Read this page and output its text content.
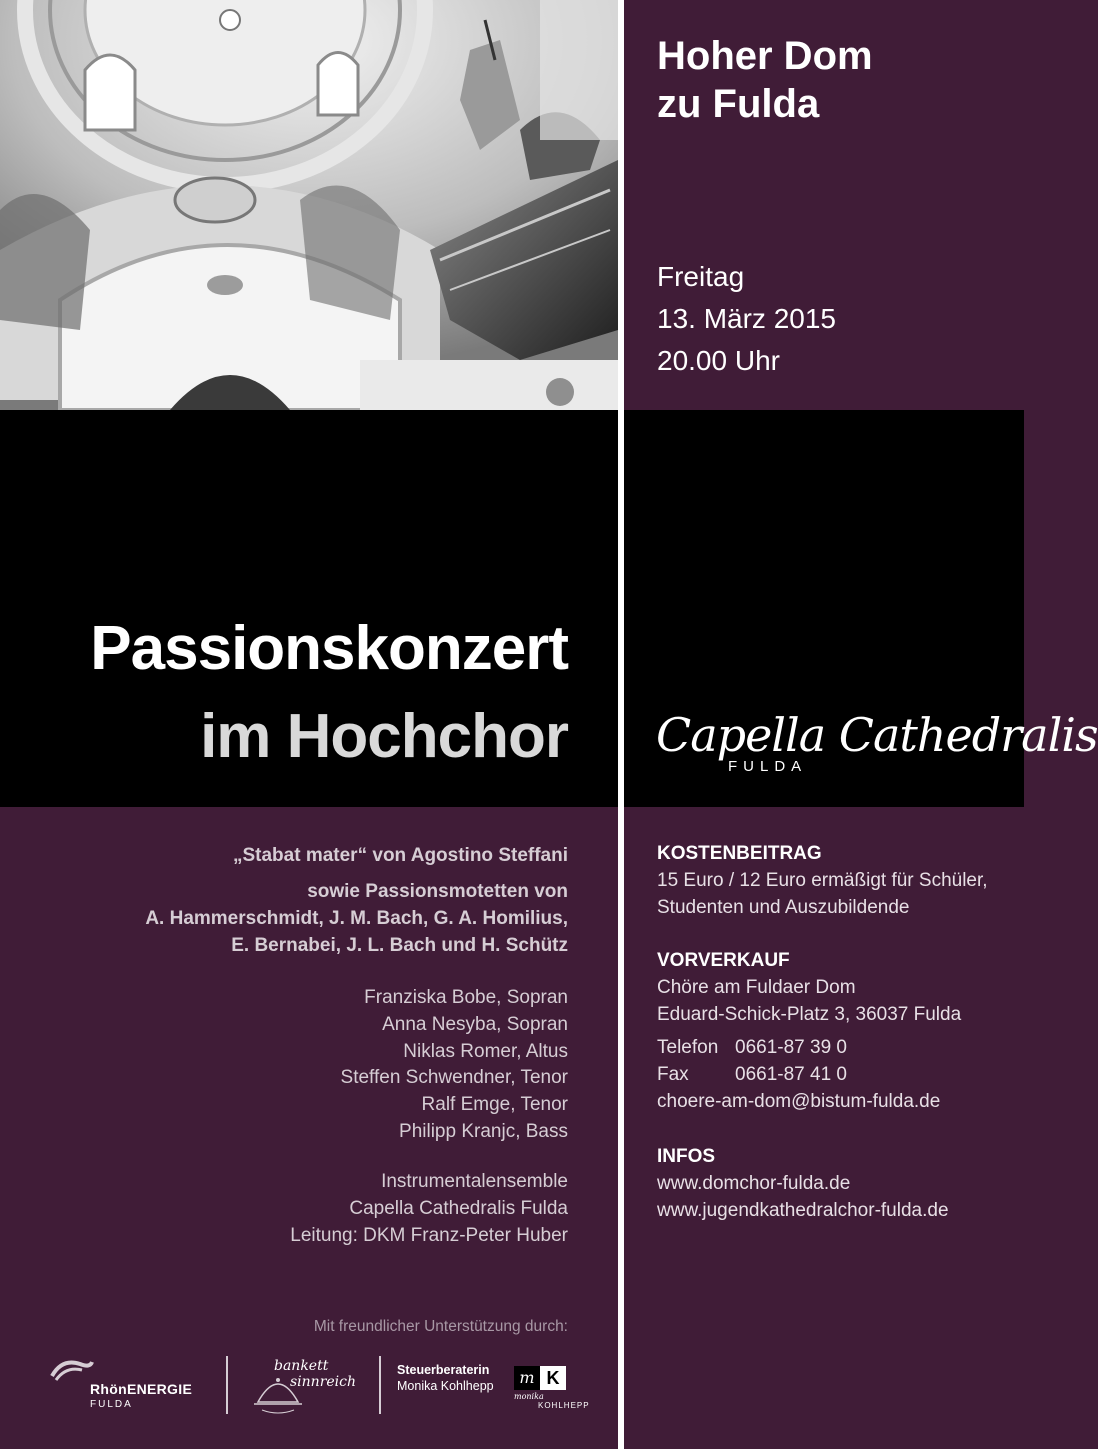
Hoher Dom
zu Fulda
Freitag
13. März 2015
20.00 Uhr
Passionskonzert
im Hochchor Capella Cathedralis
FULDA
„Stabat mater“ von Agostino Steffani
sowie Passionsmotetten von
A. Hammerschmidt, J. M. Bach, G. A. Homilius,
E. Bernabei, J. L. Bach und H. Schütz
Franziska Bobe, Sopran
Anna Nesyba, Sopran
Niklas Romer, Altus
Steffen Schwendner, Tenor
Ralf Emge, Tenor
Philipp Kranjc, Bass
Instrumentalensemble
Capella Cathedralis Fulda
Leitung: DKM Franz-Peter Huber
KOSTENBEITRAG
15 Euro / 12 Euro ermäßigt für Schüler,
Studenten und Auszubildende
VORVERKAUF
Chöre am Fuldaer Dom
Eduard-Schick-Platz 3, 36037 Fulda
Telefon 0661-87 39 0
Fax 0661-87 41 0
choere-am-dom@bistum-fulda.de
INFOS
www.domchor-fulda.de
www.jugendkathedralchor-fulda.de
Mit freundlicher Unterstützung durch:
RhönENERGIE
FULDA
bankett
sinnreich
Steuerberaterin
Monika Kohlhepp	m K
monika
KOHLHEPP
